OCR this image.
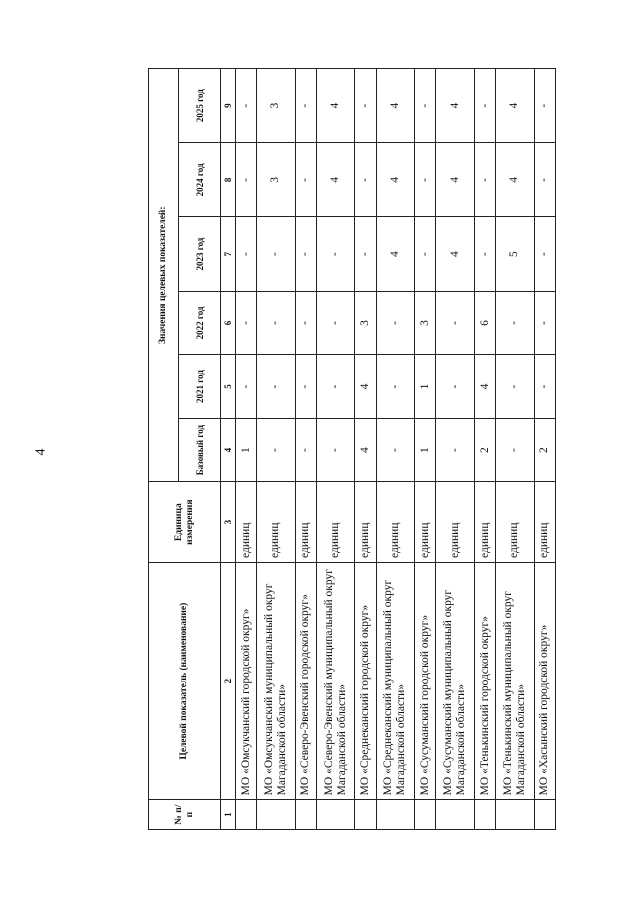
4
№ п/п	Целевой показатель (наименование)	Единица измерения	Значения целевых показателей:					
			Базовый год	2021 год	2022 год	2023 год	2024 год	2025 год
1	2	3	4	5	6	7	8	9
	МО «Омсукчанский городской округ»	единиц	1	-	-	-	-	-
	МО «Омсукчанский муниципальный округ Магаданской области»	единиц	-	-	-	-	3	3
	МО «Северо-Эвенский городской округ»	единиц	-	-	-	-	-	-
	МО «Северо-Эвенский муниципальный округ Магаданской области»	единиц	-	-	-	-	4	4
	МО «Среднеканский городской округ»	единиц	4	4	3	-	-	-
	МО «Среднеканский муниципальный округ Магаданской области»	единиц	-	-	-	4	4	4
	МО «Сусуманский городской округ»	единиц	1	1	3	-	-	-
	МО «Сусуманский муниципальный округ Магаданской области»	единиц	-	-	-	4	4	4
	МО «Тенькинский городской округ»	единиц	2	4	6	-	-	-
	МО «Тенькинский муниципальный округ Магаданской области»	единиц	-	-	-	5	4	4
	МО «Хасынский городской округ»	единиц	2	-	-	-	-	-
